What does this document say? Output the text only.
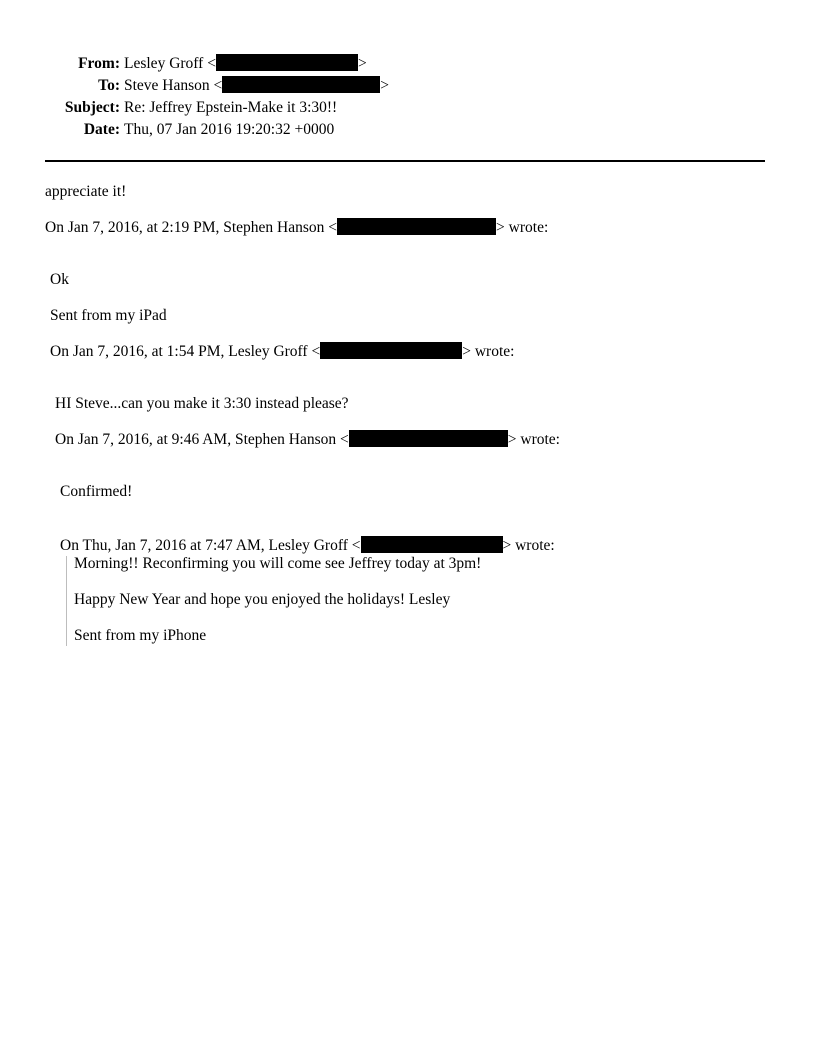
From: Lesley Groff <	>
To: Steve Hanson <	>
Subject: Re: Jeffrey Epstein-Make it 3:30!!
Date: Thu, 07 Jan 2016 19:20:32 +0000
appreciate it!
On Jan 7, 2016, at 2:19 PM, Stephen Hanson <	> wrote:
Ok
Sent from my iPad
On Jan 7, 2016, at 1:54 PM, Lesley Groff <	> wrote:
HI Steve...can you make it 3:30 instead please?
On Jan 7, 2016, at 9:46 AM, Stephen Hanson <	> wrote:
Confirmed!
On Thu, Jan 7, 2016 at 7:47 AM, Lesley Groff <	> wrote:
Morning!! Reconfirming you will come see Jeffrey today at 3pm!
Happy New Year and hope you enjoyed the holidays! Lesley
Sent from my iPhone
